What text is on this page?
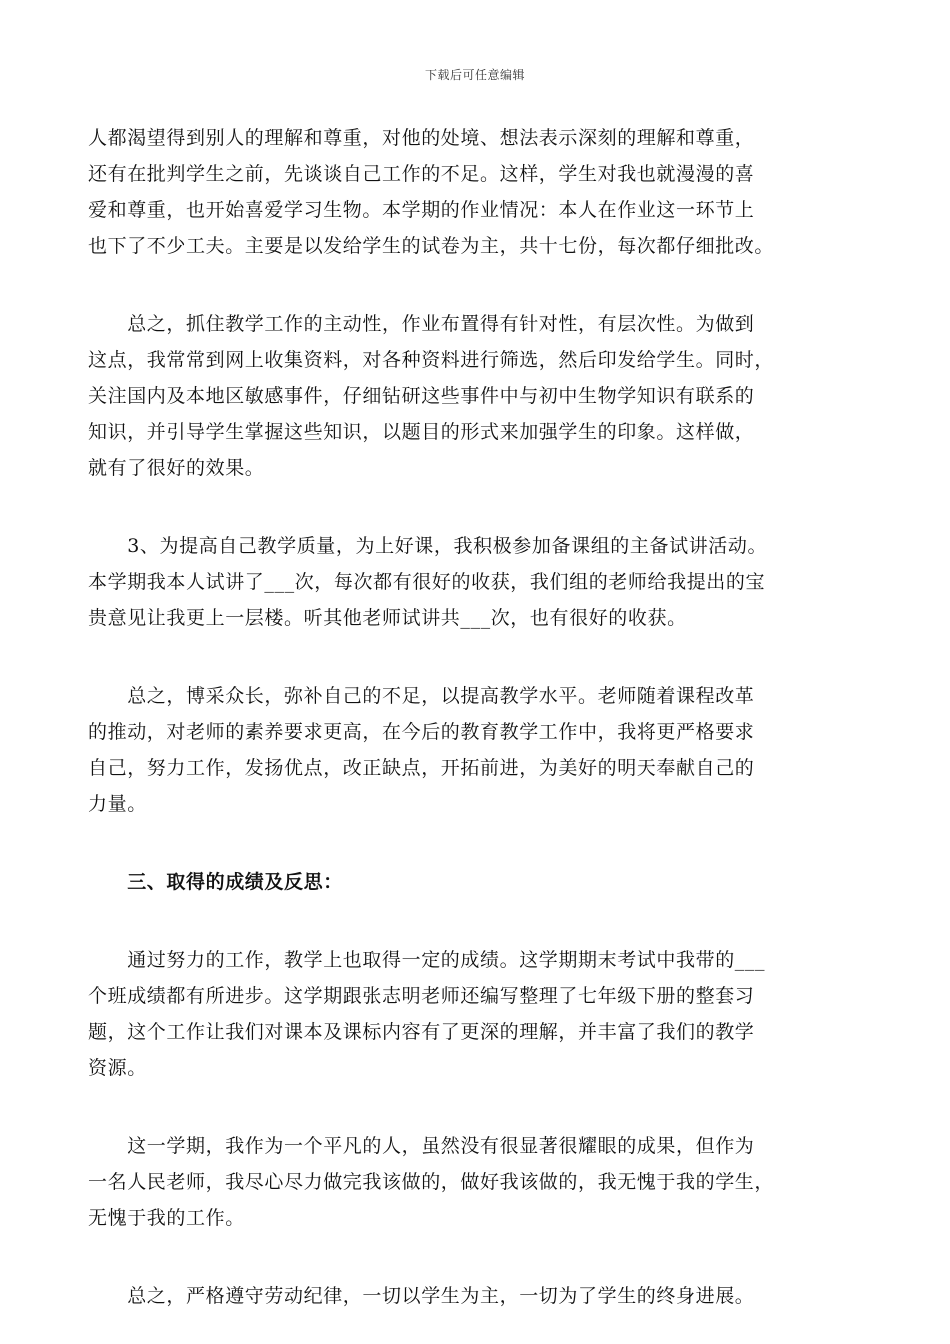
下载后可任意编辑
人都渴望得到别人的理解和尊重，对他的处境、想法表示深刻的理解和尊重，
还有在批判学生之前，先谈谈自己工作的不足。这样，学生对我也就漫漫的喜
爱和尊重，也开始喜爱学习生物。本学期的作业情况：本人在作业这一环节上
也下了不少工夫。主要是以发给学生的试卷为主，共十七份，每次都仔细批改。
　　总之，抓住教学工作的主动性，作业布置得有针对性，有层次性。为做到
这点，我常常到网上收集资料，对各种资料进行筛选，然后印发给学生。同时，
关注国内及本地区敏感事件，仔细钻研这些事件中与初中生物学知识有联系的
知识，并引导学生掌握这些知识，以题目的形式来加强学生的印象。这样做，
就有了很好的效果。
　　3、为提高自己教学质量，为上好课，我积极参加备课组的主备试讲活动。
本学期我本人试讲了___次，每次都有很好的收获，我们组的老师给我提出的宝
贵意见让我更上一层楼。听其他老师试讲共___次，也有很好的收获。
　　总之，博采众长，弥补自己的不足，以提高教学水平。老师随着课程改革
的推动，对老师的素养要求更高，在今后的教育教学工作中，我将更严格要求
自己，努力工作，发扬优点，改正缺点，开拓前进，为美好的明天奉献自己的
力量。
　　三、取得的成绩及反思：
　　通过努力的工作，教学上也取得一定的成绩。这学期期末考试中我带的___
个班成绩都有所进步。这学期跟张志明老师还编写整理了七年级下册的整套习
题，这个工作让我们对课本及课标内容有了更深的理解，并丰富了我们的教学
资源。
　　这一学期，我作为一个平凡的人，虽然没有很显著很耀眼的成果，但作为
一名人民老师，我尽心尽力做完我该做的，做好我该做的，我无愧于我的学生，
无愧于我的工作。
　　总之，严格遵守劳动纪律，一切以学生为主，一切为了学生的终身进展。
